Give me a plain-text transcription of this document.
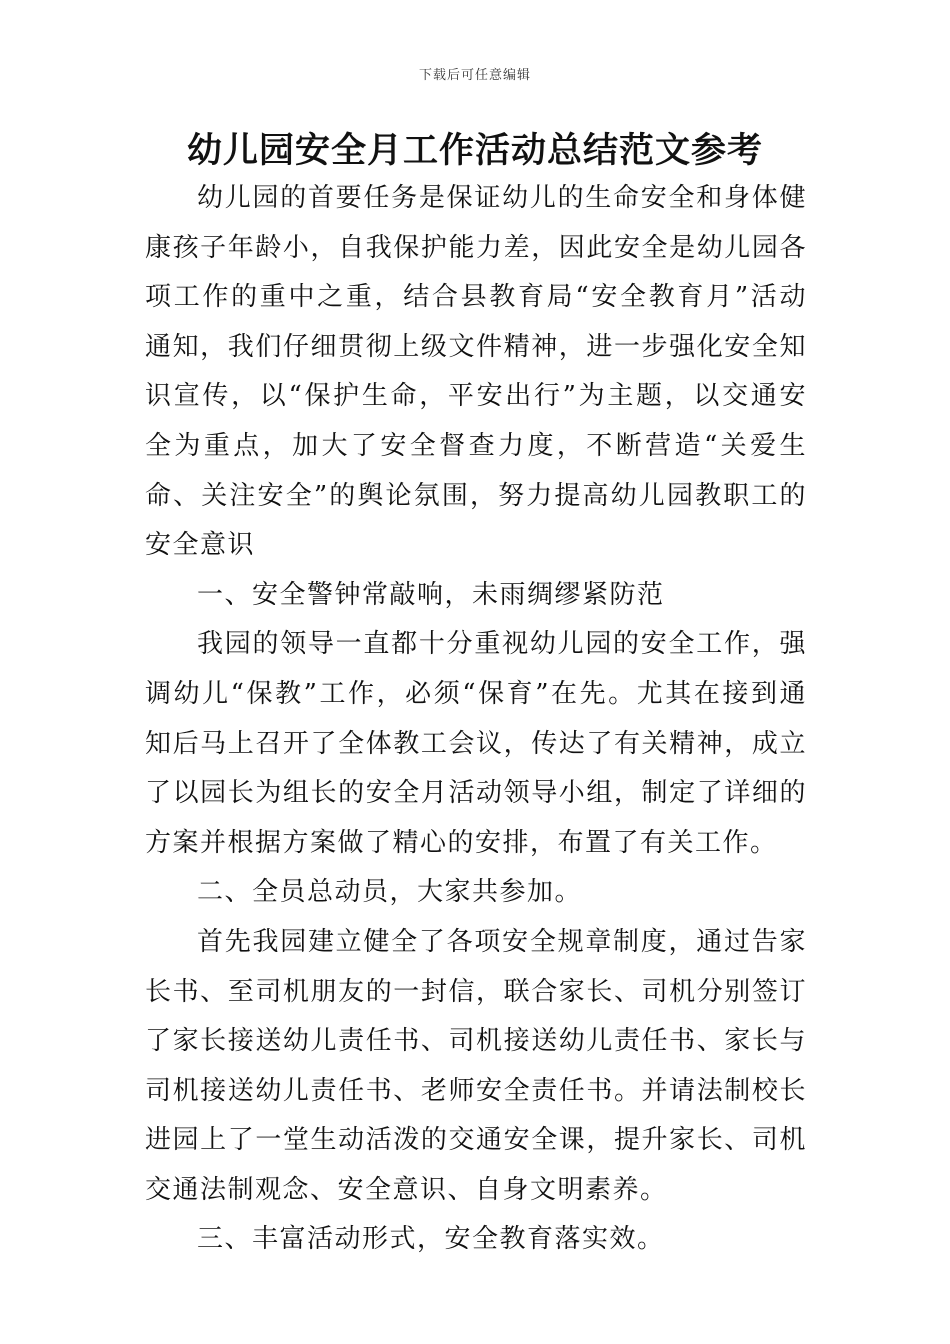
下载后可任意编辑
幼儿园安全月工作活动总结范文参考

幼儿园的首要任务是保证幼儿的生命安全和身体健康孩子年龄小，自我保护能力差，因此安全是幼儿园各项工作的重中之重，结合县教育局“安全教育月”活动通知，我们仔细贯彻上级文件精神，进一步强化安全知识宣传，以“保护生命，平安出行”为主题，以交通安全为重点，加大了安全督查力度，不断营造“关爱生命、关注安全”的舆论氛围，努力提高幼儿园教职工的安全意识

一、安全警钟常敲响，未雨绸缪紧防范

我园的领导一直都十分重视幼儿园的安全工作，强调幼儿“保教”工作，必须“保育”在先。尤其在接到通知后马上召开了全体教工会议，传达了有关精神，成立了以园长为组长的安全月活动领导小组，制定了详细的方案并根据方案做了精心的安排，布置了有关工作。

二、全员总动员，大家共参加。

首先我园建立健全了各项安全规章制度，通过告家长书、至司机朋友的一封信，联合家长、司机分别签订了家长接送幼儿责任书、司机接送幼儿责任书、家长与司机接送幼儿责任书、老师安全责任书。并请法制校长进园上了一堂生动活泼的交通安全课，提升家长、司机交通法制观念、安全意识、自身文明素养。

三、丰富活动形式，安全教育落实效。
